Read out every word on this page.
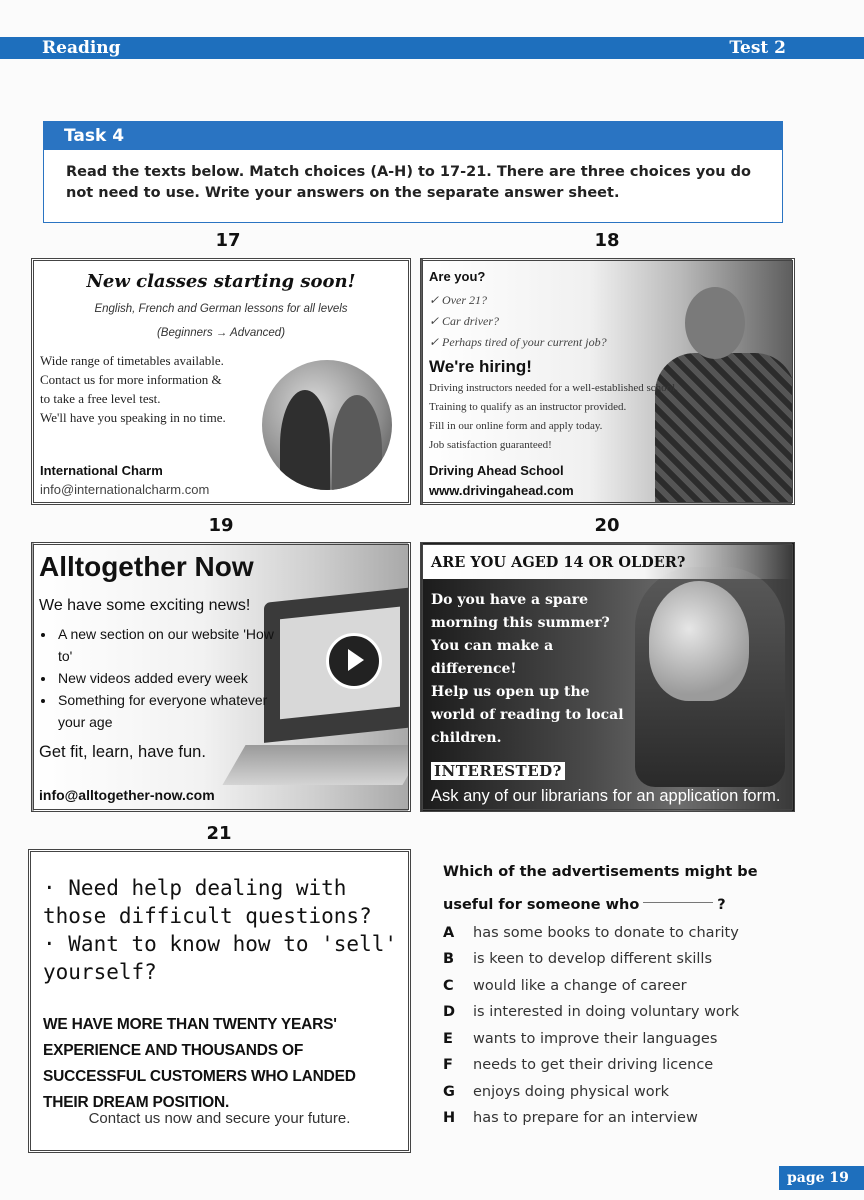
Reading	Test 2
Task 4
Read the texts below. Match choices (A-H) to 17-21. There are three choices you do not need to use. Write your answers on the separate answer sheet.
17
New classes starting soon!
English, French and German lessons for all levels
(Beginners → Advanced)
Wide range of timetables available.
Contact us for more information &
to take a free level test.
We'll have you speaking in no time.
International Charm
info@internationalcharm.com
18
Are you?
✓ Over 21?
✓ Car driver?
✓ Perhaps tired of your current job?
We're hiring!
Driving instructors needed for a well-established school.
Training to qualify as an instructor provided.
Fill in our online form and apply today.
Job satisfaction guaranteed!
Driving Ahead School
www.drivingahead.com
19
Alltogether Now
We have some exciting news!
• A new section on our website 'How to'
• New videos added every week
• Something for everyone whatever your age
Get fit, learn, have fun.
info@alltogether-now.com
20
ARE YOU AGED 14 OR OLDER?
Do you have a spare
morning this summer?
You can make a
difference!
Help us open up the
world of reading to local
children.
INTERESTED?
Ask any of our librarians for an application form.
21
· Need help dealing with those difficult questions?
· Want to know how to 'sell' yourself?
WE HAVE MORE THAN TWENTY YEARS' EXPERIENCE AND THOUSANDS OF SUCCESSFUL CUSTOMERS WHO LANDED THEIR DREAM POSITION.
Contact us now and secure your future.
Which of the advertisements might be useful for someone who	?
A has some books to donate to charity
B is keen to develop different skills
C would like a change of career
D is interested in doing voluntary work
E wants to improve their languages
F needs to get their driving licence
G enjoys doing physical work
H has to prepare for an interview
page 19
